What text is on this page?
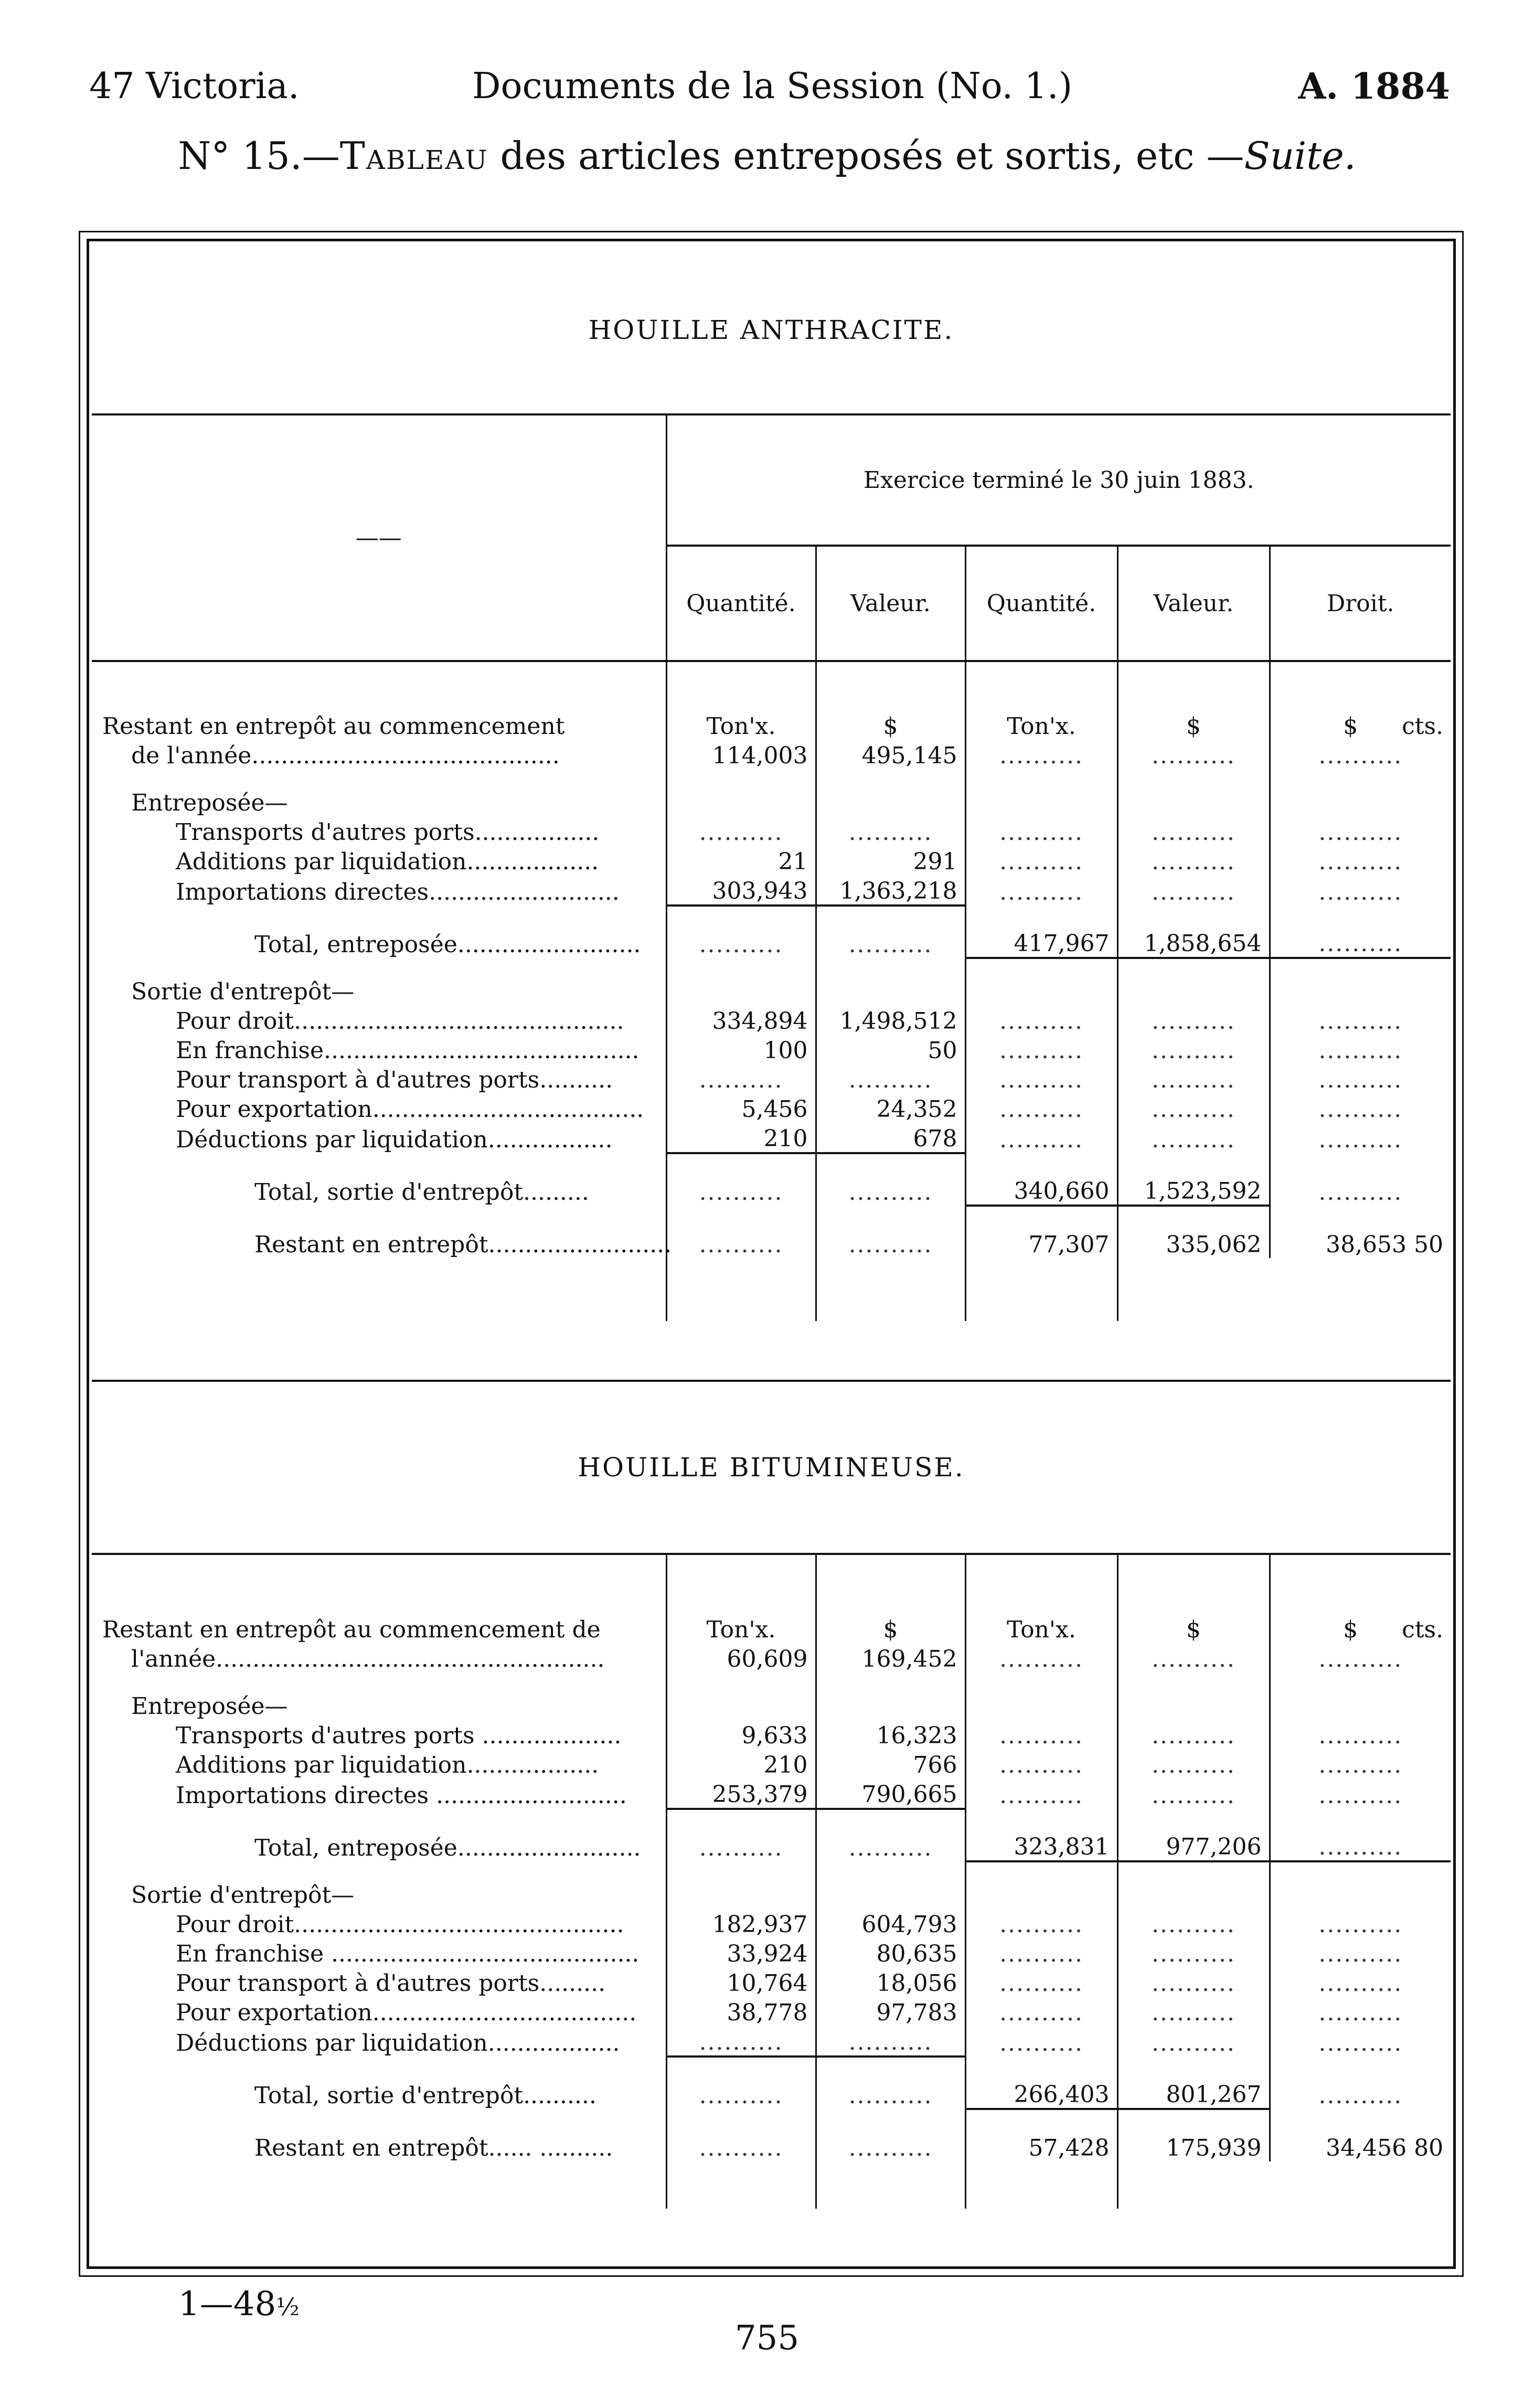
47 Victoria.	Documents de la Session (No. 1.)	A. 1884
N° 15.—Tableau des articles entreposés et sortis, etc —Suite.
HOUILLE ANTHRACITE.					
——	Exercice terminé le 30 juin 1883.				
	Quantité.	Valeur.	Quantité.	Valeur.	Droit.
Restant en entrepôt au commencement	Ton'x.	$	Ton'x.	$	$ cts.
de l'année..........................................	114,003	495,145	..........	..........	..........
Entreposée—					
Transports d'autres ports.................	..........	..........	..........	..........	..........
Additions par liquidation..................	21	291	..........	..........	..........
Importations directes..........................	303,943	1,363,218	..........	..........	..........
Total, entreposée.........................	..........	..........	417,967	1,858,654	..........
Sortie d'entrepôt—					
Pour droit.............................................	334,894	1,498,512	..........	..........	..........
En franchise...........................................	100	50	..........	..........	..........
Pour transport à d'autres ports..........	..........	..........	..........	..........	..........
Pour exportation.....................................	5,456	24,352	..........	..........	..........
Déductions par liquidation.................	210	678	..........	..........	..........
Total, sortie d'entrepôt.........	..........	..........	340,660	1,523,592	..........
Restant en entrepôt.........................	..........	..........	77,307	335,062	38,653 50

HOUILLE BITUMINEUSE.					
Restant en entrepôt au commencement de	Ton'x.	$	Ton'x.	$	$ cts.
l'année.....................................................	60,609	169,452	..........	..........	..........
Entreposée—					
Transports d'autres ports ...................	9,633	16,323	..........	..........	..........
Additions par liquidation..................	210	766	..........	..........	..........
Importations directes ..........................	253,379	790,665	..........	..........	..........
Total, entreposée.........................	..........	..........	323,831	977,206	..........
Sortie d'entrepôt—					
Pour droit.............................................	182,937	604,793	..........	..........	..........
En franchise ..........................................	33,924	80,635	..........	..........	..........
Pour transport à d'autres ports.........	10,764	18,056	..........	..........	..........
Pour exportation....................................	38,778	97,783	..........	..........	..........
Déductions par liquidation..................	..........	..........	..........	..........	..........
Total, sortie d'entrepôt..........	..........	..........	266,403	801,267	..........
Restant en entrepôt...... ..........	..........	..........	57,428	175,939	34,456 80

1—48½
755
